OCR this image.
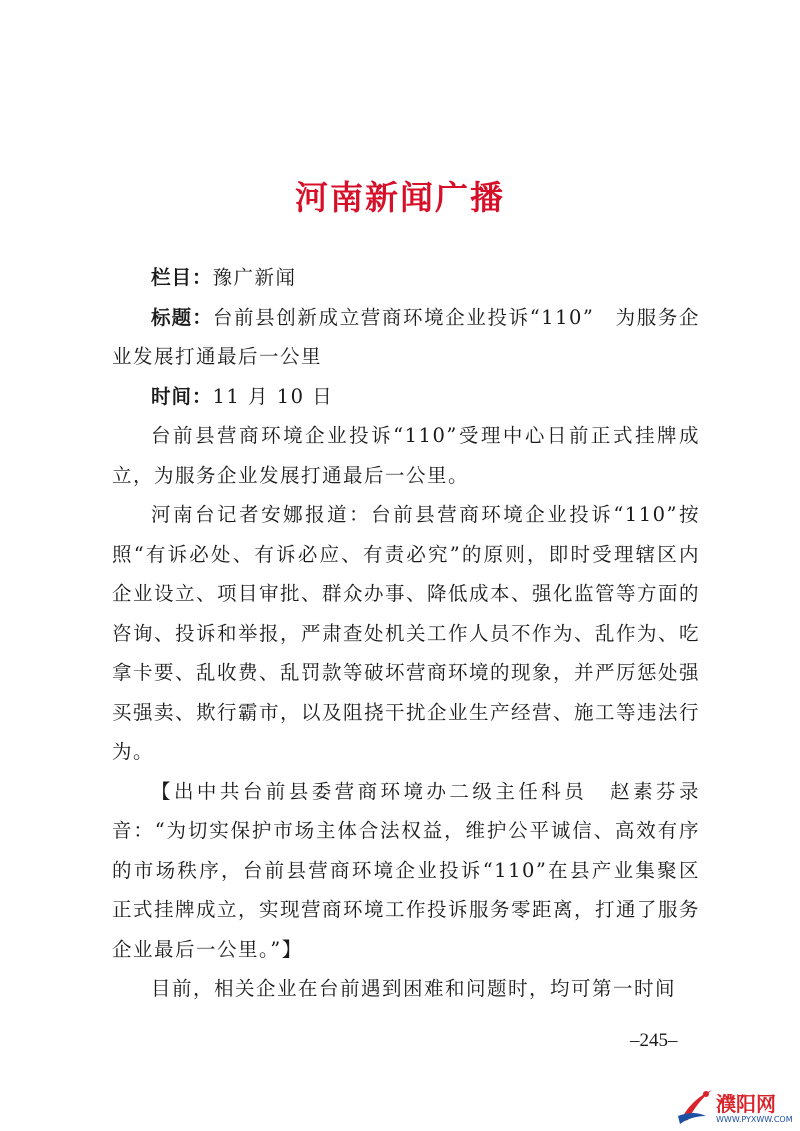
河南新闻广播

栏目：豫广新闻

标题：台前县创新成立营商环境企业投诉“110”　为服务企业发展打通最后一公里

时间：11 月 10 日

台前县营商环境企业投诉“110”受理中心日前正式挂牌成立，为服务企业发展打通最后一公里。

河南台记者安娜报道：台前县营商环境企业投诉“110”按照“有诉必处、有诉必应、有责必究”的原则，即时受理辖区内企业设立、项目审批、群众办事、降低成本、强化监管等方面的咨询、投诉和举报，严肃查处机关工作人员不作为、乱作为、吃拿卡要、乱收费、乱罚款等破坏营商环境的现象，并严厉惩处强买强卖、欺行霸市，以及阻挠干扰企业生产经营、施工等违法行为。

【出中共台前县委营商环境办二级主任科员　赵素芬录音：“为切实保护市场主体合法权益，维护公平诚信、高效有序的市场秩序，台前县营商环境企业投诉“110”在县产业集聚区正式挂牌成立，实现营商环境工作投诉服务零距离，打通了服务企业最后一公里。”】

目前，相关企业在台前遇到困难和问题时，均可第一时间

–245–
濮阳网
WWW.PYXWW.COM
